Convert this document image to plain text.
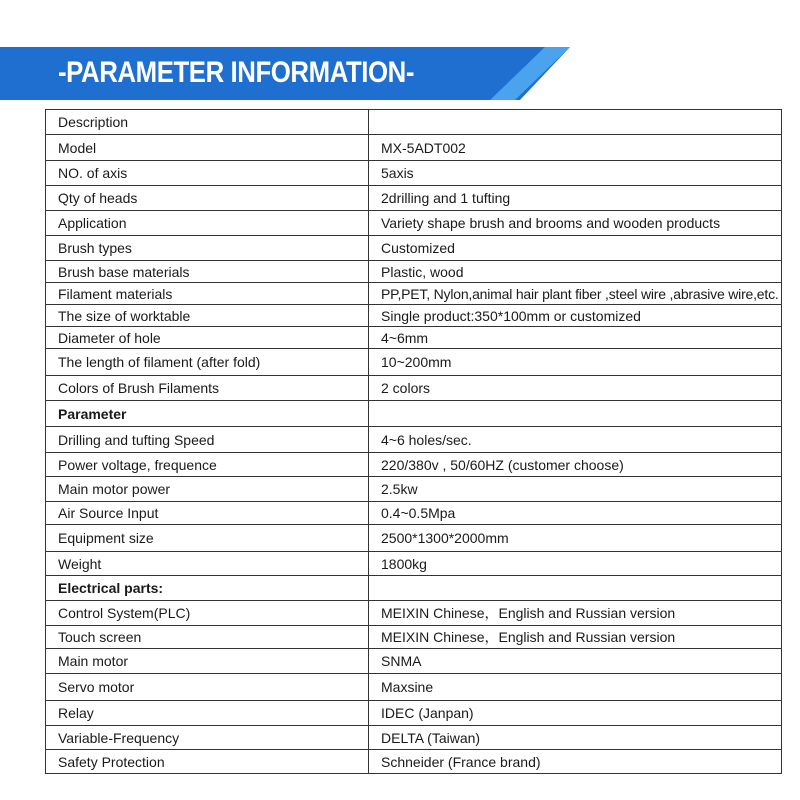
-PARAMETER INFORMATION-
Description	
Model	MX-5ADT002
NO. of axis	5axis
Qty of heads	2drilling and 1 tufting
Application	Variety shape brush and brooms and wooden products
Brush types	Customized
Brush base materials	Plastic, wood
Filament materials	PP,PET, Nylon,animal hair plant fiber ,steel wire ,abrasive wire,etc.
The size of worktable	Single product:350*100mm or customized
Diameter of hole	4~6mm
The length of filament (after fold)	10~200mm
Colors of Brush Filaments	2 colors
Parameter	
Drilling and tufting Speed	4~6 holes/sec.
Power voltage, frequence	220/380v , 50/60HZ (customer choose)
Main motor power	2.5kw
Air Source Input	0.4~0.5Mpa
Equipment size	2500*1300*2000mm
Weight	1800kg
Electrical parts:	
Control System(PLC)	MEIXIN Chinese，English and Russian version
Touch screen	MEIXIN Chinese，English and Russian version
Main motor	SNMA
Servo motor	Maxsine
Relay	IDEC (Janpan)
Variable-Frequency	DELTA (Taiwan)
Safety Protection	Schneider (France brand)
